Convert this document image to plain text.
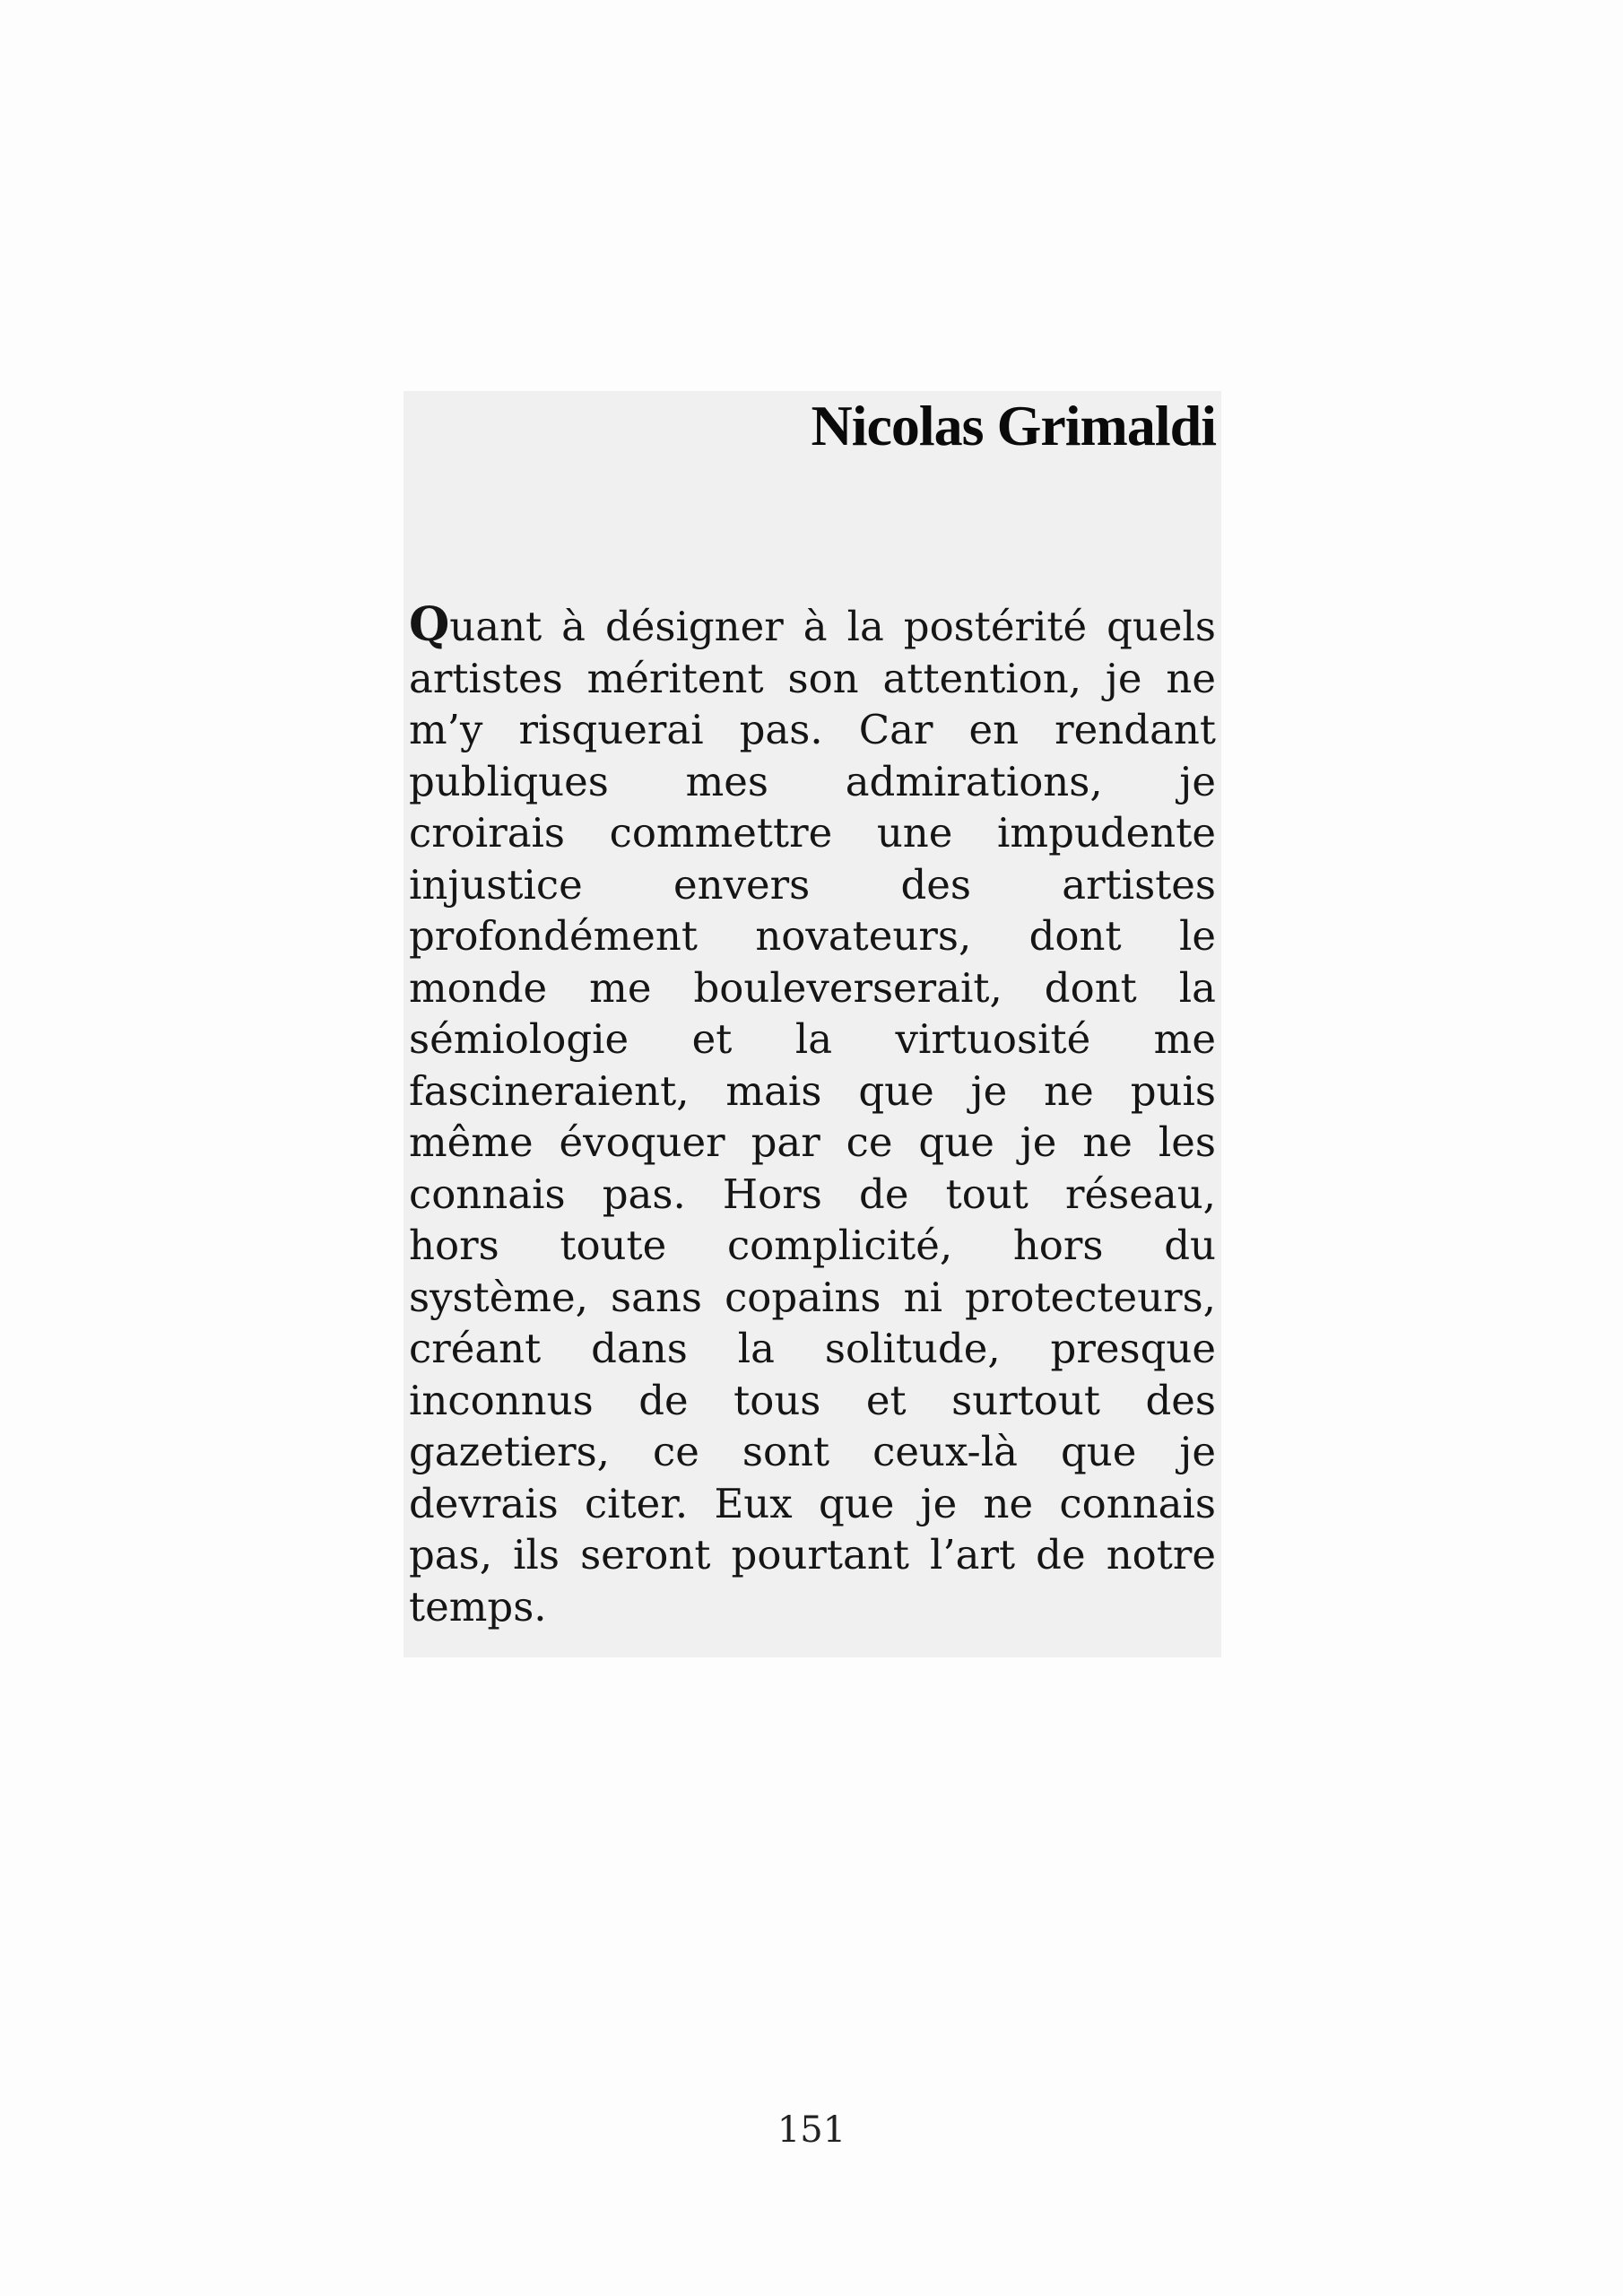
Nicolas Grimaldi
Quant à désigner à la postérité quels
artistes méritent son attention, je ne
m’y risquerai pas. Car en rendant
publiques mes admirations, je
croirais commettre une impudente
injustice envers des artistes
profondément novateurs, dont le
monde me bouleverserait, dont la
sémiologie et la virtuosité me
fascineraient, mais que je ne puis
même évoquer par ce que je ne les
connais pas. Hors de tout réseau,
hors toute complicité, hors du
système, sans copains ni protecteurs,
créant dans la solitude, presque
inconnus de tous et surtout des
gazetiers, ce sont ceux-là que je
devrais citer. Eux que je ne connais
pas, ils seront pourtant l’art de notre
temps.
151
